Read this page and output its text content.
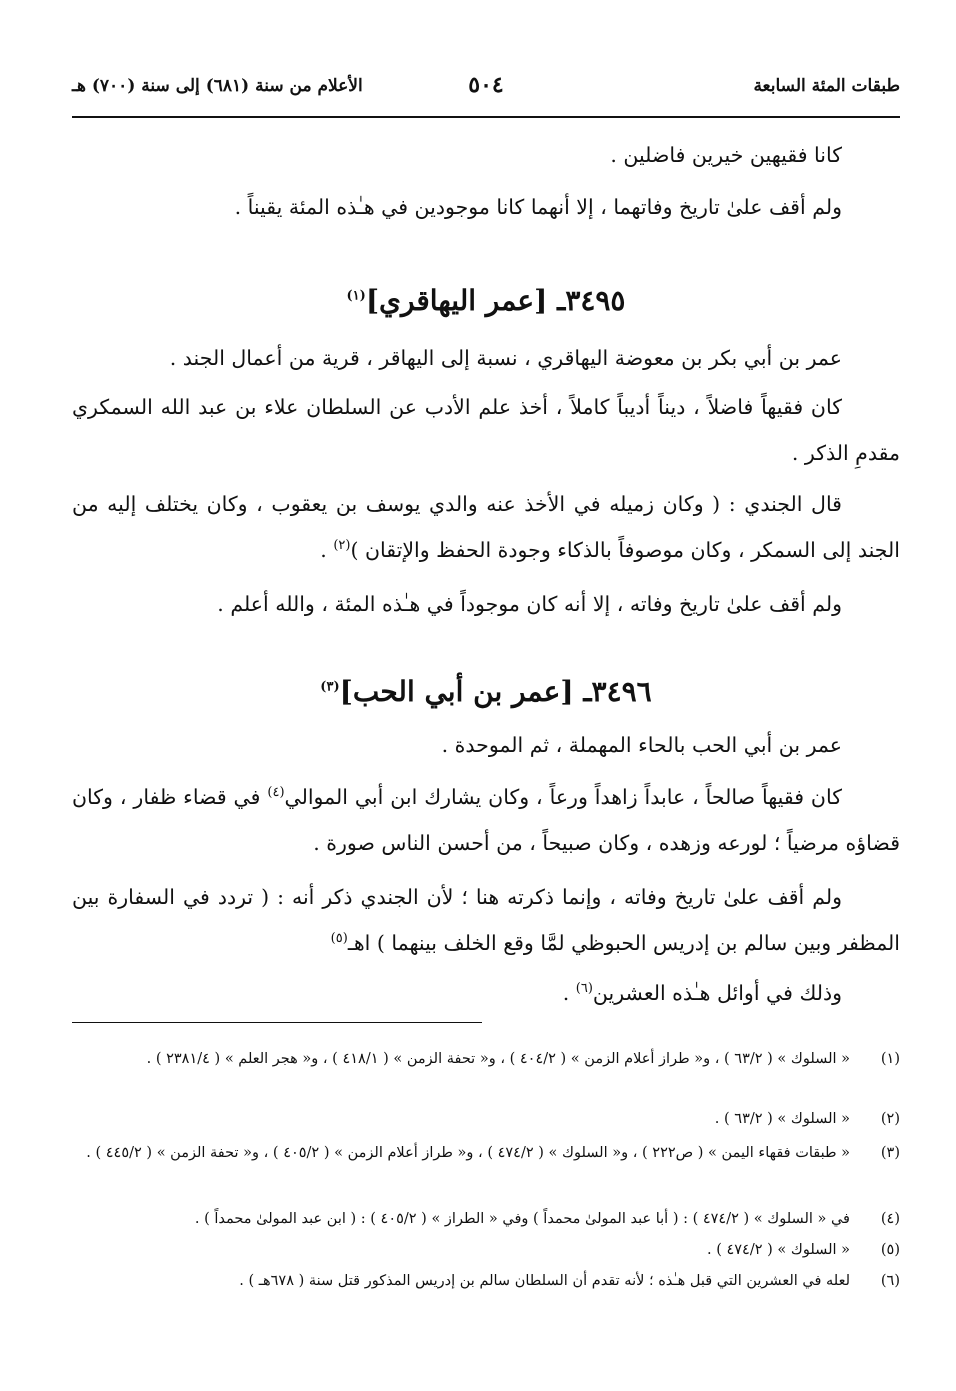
طبقات المئة السابعة
٥٠٤
الأعلام من سنة (٦٨١) إلى سنة (٧٠٠) هـ
كانا فقيهين خيرين فاضلين .
ولم أقف علىٰ تاريخ وفاتهما ، إلا أنهما كانا موجودين في هـٰذه المئة يقيناً .
٣٤٩٥ـ [عمر اليهاقري]$^{(١)}$
عمر بن أبي بكر بن معوضة اليهاقري ، نسبة إلى اليهاقر ، قرية من أعمال الجند .
كان فقيهاً فاضلاً ، ديناً أديباً كاملاً ، أخذ علم الأدب عن السلطان علاء بن عبد الله السمكري مقدمِ الذكر .
قال الجندي : ( وكان زميله في الأخذ عنه والدي يوسف بن يعقوب ، وكان يختلف إليه من الجند إلى السمكر ، وكان موصوفاً بالذكاء وجودة الحفظ والإتقان )$^{(٢)}$ .
ولم أقف علىٰ تاريخ وفاته ، إلا أنه كان موجوداً في هـٰذه المئة ، والله أعلم .
٣٤٩٦ـ [عمر بن أبي الحب]$^{(٣)}$
عمر بن أبي الحب بالحاء المهملة ، ثم الموحدة .
كان فقيهاً صالحاً ، عابداً زاهداً ورعاً ، وكان يشارك ابن أبي الموالي$^{(٤)}$ في قضاء ظفار ، وكان قضاؤه مرضياً ؛ لورعه وزهده ، وكان صبيحاً ، من أحسن الناس صورة .
ولم أقف علىٰ تاريخ وفاته ، وإنما ذكرته هنا ؛ لأن الجندي ذكر أنه : ( تردد في السفارة بين المظفر وبين سالم بن إدريس الحبوظي لمَّا وقع الخلف بينهما ) اهـ$^{(٥)}$
وذلك في أوائل هـٰذه العشرين$^{(٦)}$ .
(١)
« السلوك » ( ٦٣/٢ ) ، و« طراز أعلام الزمن » ( ٤٠٤/٢ ) ، و« تحفة الزمن » ( ٤١٨/١ ) ، و« هجر العلم » ( ٢٣٨١/٤ ) .
(٢)
« السلوك » ( ٦٣/٢ ) .
(٣)
« طبقات فقهاء اليمن » ( ص٢٢٢ ) ، و« السلوك » ( ٤٧٤/٢ ) ، و« طراز أعلام الزمن » ( ٤٠٥/٢ ) ، و« تحفة الزمن » ( ٤٤٥/٢ ) .
(٤)
في « السلوك » ( ٤٧٤/٢ ) : ( أبا عبد المولىٰ محمداً ) وفي « الطراز » ( ٤٠٥/٢ ) : ( ابن عبد المولىٰ محمداً ) .
(٥)
« السلوك » ( ٤٧٤/٢ ) .
(٦)
لعله في العشرين التي قبل هـٰذه ؛ لأنه تقدم أن السلطان سالم بن إدريس المذكور قتل سنة ( ٦٧٨هـ ) .
